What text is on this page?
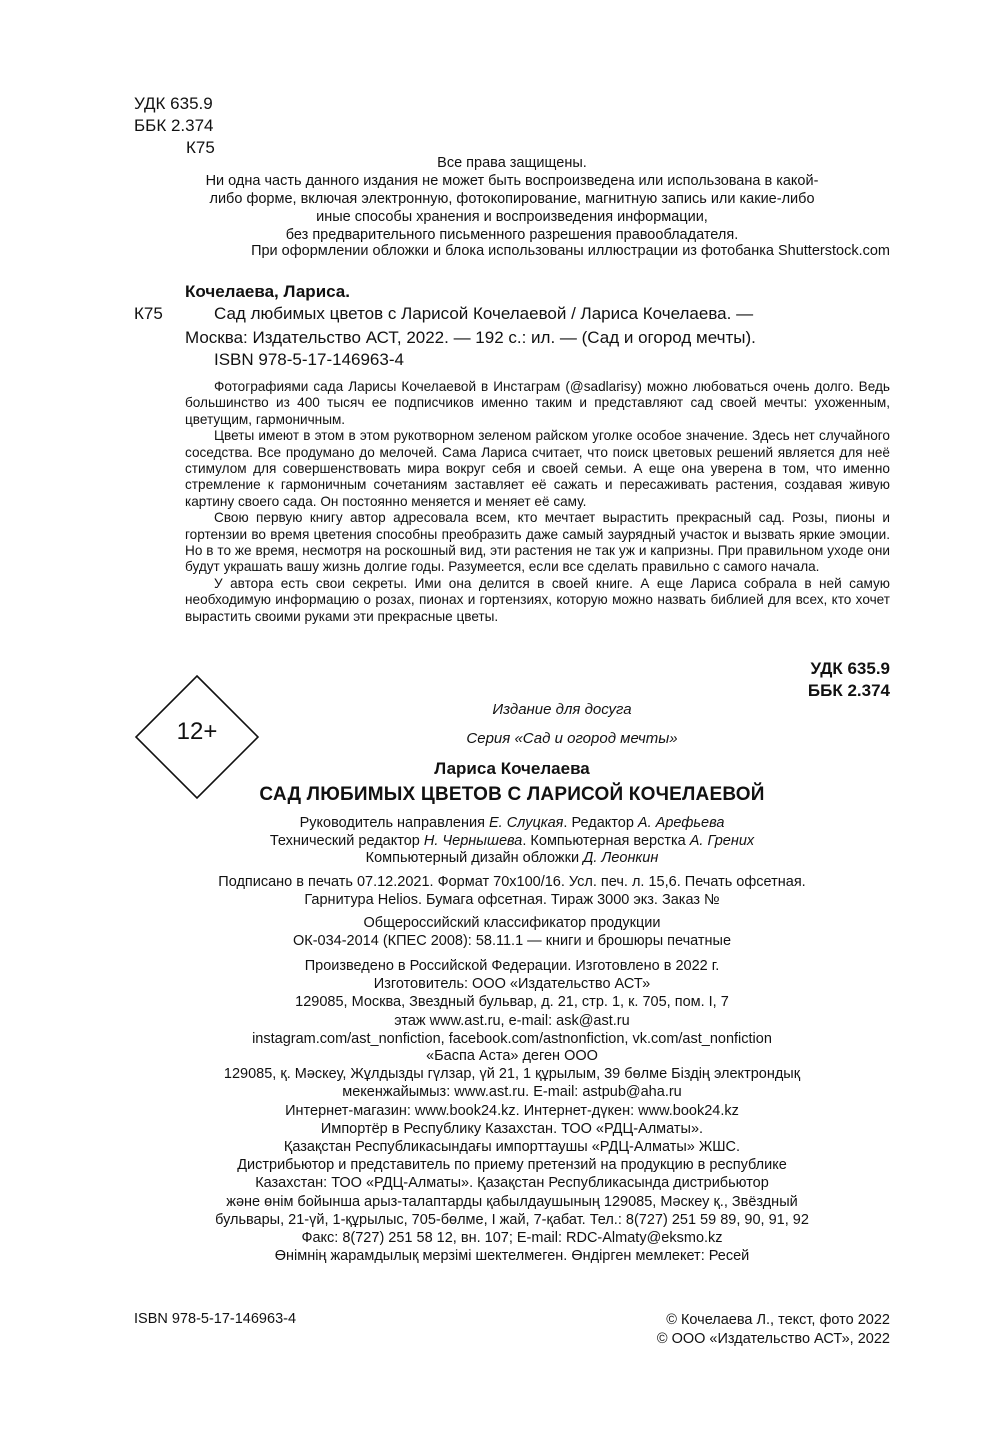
УДК 635.9
ББК 2.374
К75
Все права защищены.
Ни одна часть данного издания не может быть воспроизведена или использована в какой-
либо форме, включая электронную, фотокопирование, магнитную запись или какие-либо
иные способы хранения и воспроизведения информации,
без предварительного письменного разрешения правообладателя.
При оформлении обложки и блока использованы иллюстрации из фотобанка Shutterstock.com
Кочелаева, Лариса.
К75	Сад любимых цветов с Ларисой Кочелаевой / Лариса Кочелаева. —
Москва: Издательство АСТ, 2022. — 192 с.: ил. — (Сад и огород мечты).
ISBN 978-5-17-146963-4

Фотографиями сада Ларисы Кочелаевой в Инстаграм (@sadlarisy) можно любоваться очень долго. Ведь большинство из 400 тысяч ее подписчиков именно таким и представляют сад своей мечты: ухоженным, цветущим, гармоничным.

Цветы имеют в этом в этом рукотворном зеленом райском уголке особое значение. Здесь нет случайного соседства. Все продумано до мелочей. Сама Лариса считает, что поиск цветовых решений является для неё стимулом для совершенствовать мира вокруг себя и своей семьи. А еще она уверена в том, что именно стремление к гармоничным сочетаниям заставляет её сажать и пересаживать растения, создавая живую картину своего сада. Он постоянно меняется и меняет её саму.

Свою первую книгу автор адресовала всем, кто мечтает вырастить прекрасный сад. Розы, пионы и гортензии во время цветения способны преобразить даже самый заурядный участок и вызвать яркие эмоции. Но в то же время, несмотря на роскошный вид, эти растения не так уж и капризны. При правильном уходе они будут украшать вашу жизнь долгие годы. Разумеется, если все сделать правильно с самого начала.

У автора есть свои секреты. Ими она делится в своей книге. А еще Лариса собрала в ней самую необходимую информацию о розах, пионах и гортензиях, которую можно назвать библией для всех, кто хочет вырастить своими руками эти прекрасные цветы.

УДК 635.9
ББК 2.374
12+
Издание для досуга
Серия «Сад и огород мечты»
Лариса Кочелаева
САД ЛЮБИМЫХ ЦВЕТОВ С ЛАРИСОЙ КОЧЕЛАЕВОЙ
Руководитель направления Е. Слуцкая. Редактор А. Арефьева
Технический редактор Н. Чернышева. Компьютерная верстка А. Грених
Компьютерный дизайн обложки Д. Леонкин
Подписано в печать 07.12.2021. Формат 70x100/16. Усл. печ. л. 15,6. Печать офсетная.
Гарнитура Helios. Бумага офсетная. Тираж 3000 экз. Заказ №
Общероссийский классификатор продукции
ОК-034-2014 (КПЕС 2008): 58.11.1 — книги и брошюры печатные
Произведено в Российской Федерации. Изготовлено в 2022 г.
Изготовитель: ООО «Издательство АСТ»
129085, Москва, Звездный бульвар, д. 21, стр. 1, к. 705, пом. I, 7
этаж www.ast.ru, e-mail: ask@ast.ru
instagram.com/ast_nonfiction, facebook.com/astnonfiction, vk.com/ast_nonfiction
«Баспа Аста» деген ООО
129085, қ. Мәскеу, Жұлдызды гүлзар, үй 21, 1 құрылым, 39 бөлме Біздің электрондық
мекенжайымыз: www.ast.ru. E-mail: astpub@aha.ru
Интернет-магазин: www.book24.kz. Интернет-дүкен: www.book24.kz
Импортёр в Республику Казахстан. ТОО «РДЦ-Алматы».
Қазақстан Республикасындағы импорттаушы «РДЦ-Алматы» ЖШС.
Дистрибьютор и представитель по приему претензий на продукцию в республике
Казахстан: ТОО «РДЦ-Алматы». Қазақстан Республикасында дистрибьютор
және өнім бойынша арыз-талаптарды қабылдаушының 129085, Мәскеу қ., Звёздный
бульвары, 21-үй, 1-құрылыс, 705-бөлме, I жай, 7-қабат. Тел.: 8(727) 251 59 89, 90, 91, 92
Факс: 8(727) 251 58 12, вн. 107; E-mail: RDC-Almaty@eksmo.kz
Өнімнің жарамдылық мерзімі шектелмеген. Өндірген мемлекет: Ресей
ISBN 978-5-17-146963-4	© Кочелаева Л., текст, фото 2022
© ООО «Издательство АСТ», 2022
